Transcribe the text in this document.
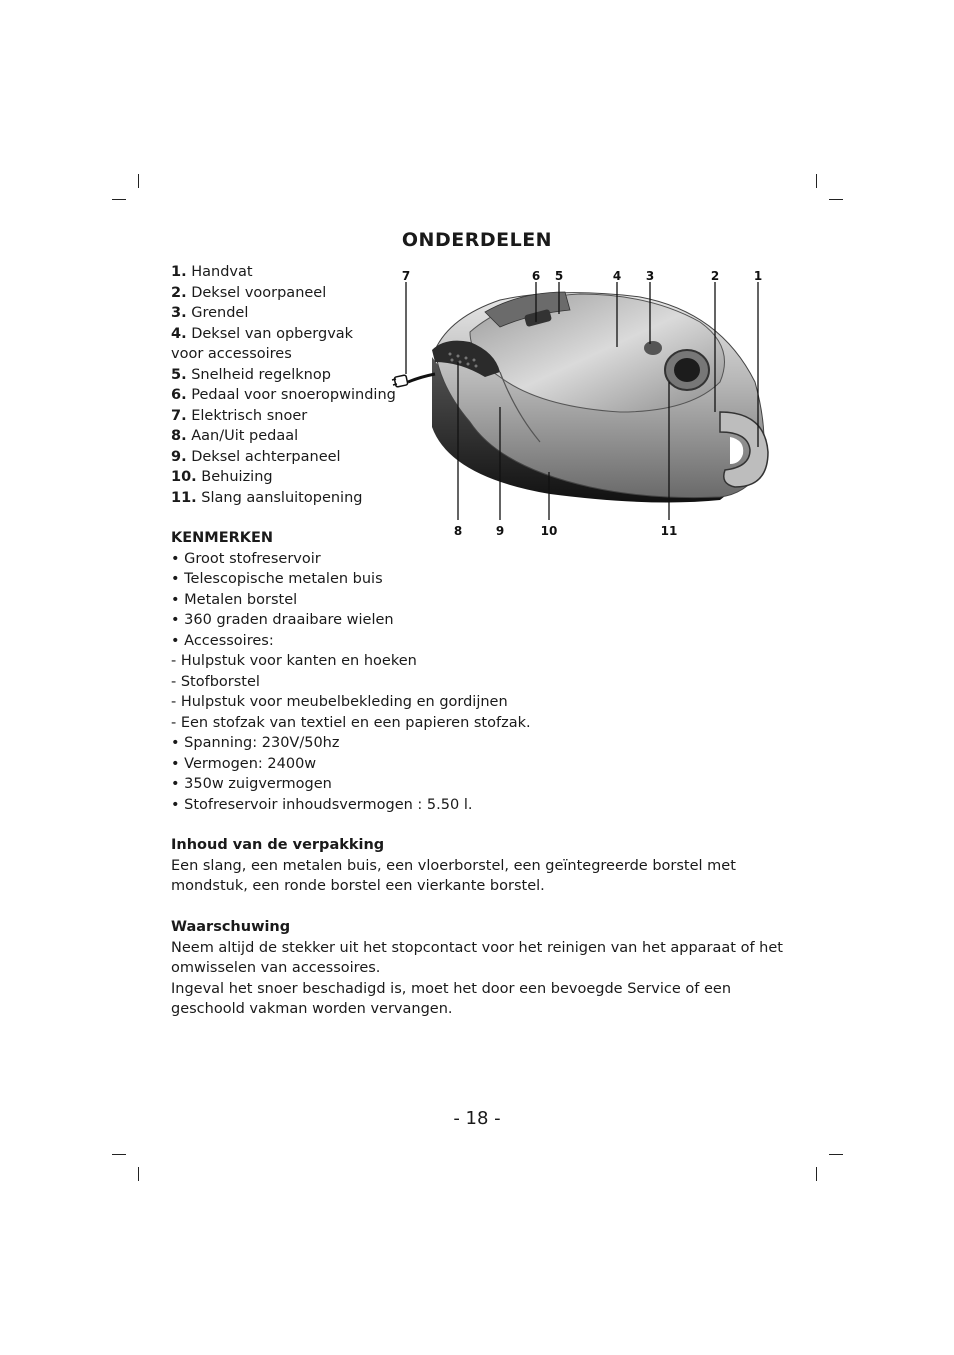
ONDERDELEN
1. Handvat
2. Deksel voorpaneel
3. Grendel
4. Deksel van opbergvak
voor accessoires
5. Snelheid regelknop
6. Pedaal voor snoeropwinding
7. Elektrisch snoer
8. Aan/Uit pedaal
9. Deksel achterpaneel
10. Behuizing
11. Slang aansluitopening
7	6 5	4 3	2	1
8	9	10	11
KENMERKEN
• Groot stofreservoir
• Telescopische metalen buis
• Metalen borstel
• 360 graden draaibare wielen
• Accessoires:
- Hulpstuk voor kanten en hoeken
- Stofborstel
- Hulpstuk voor meubelbekleding en gordijnen
- Een stofzak van textiel en een papieren stofzak.
• Spanning: 230V/50hz
• Vermogen: 2400w
• 350w zuigvermogen
• Stofreservoir inhoudsvermogen : 5.50 l.
Inhoud van de verpakking
Een slang, een metalen buis, een vloerborstel, een geïntegreerde borstel met mondstuk, een ronde borstel een vierkante borstel.
Waarschuwing
Neem altijd de stekker uit het stopcontact voor het reinigen van het apparaat of het omwisselen van accessoires.
Ingeval het snoer beschadigd is, moet het door een bevoegde Service of een geschoold vakman worden vervangen.
- 18 -
